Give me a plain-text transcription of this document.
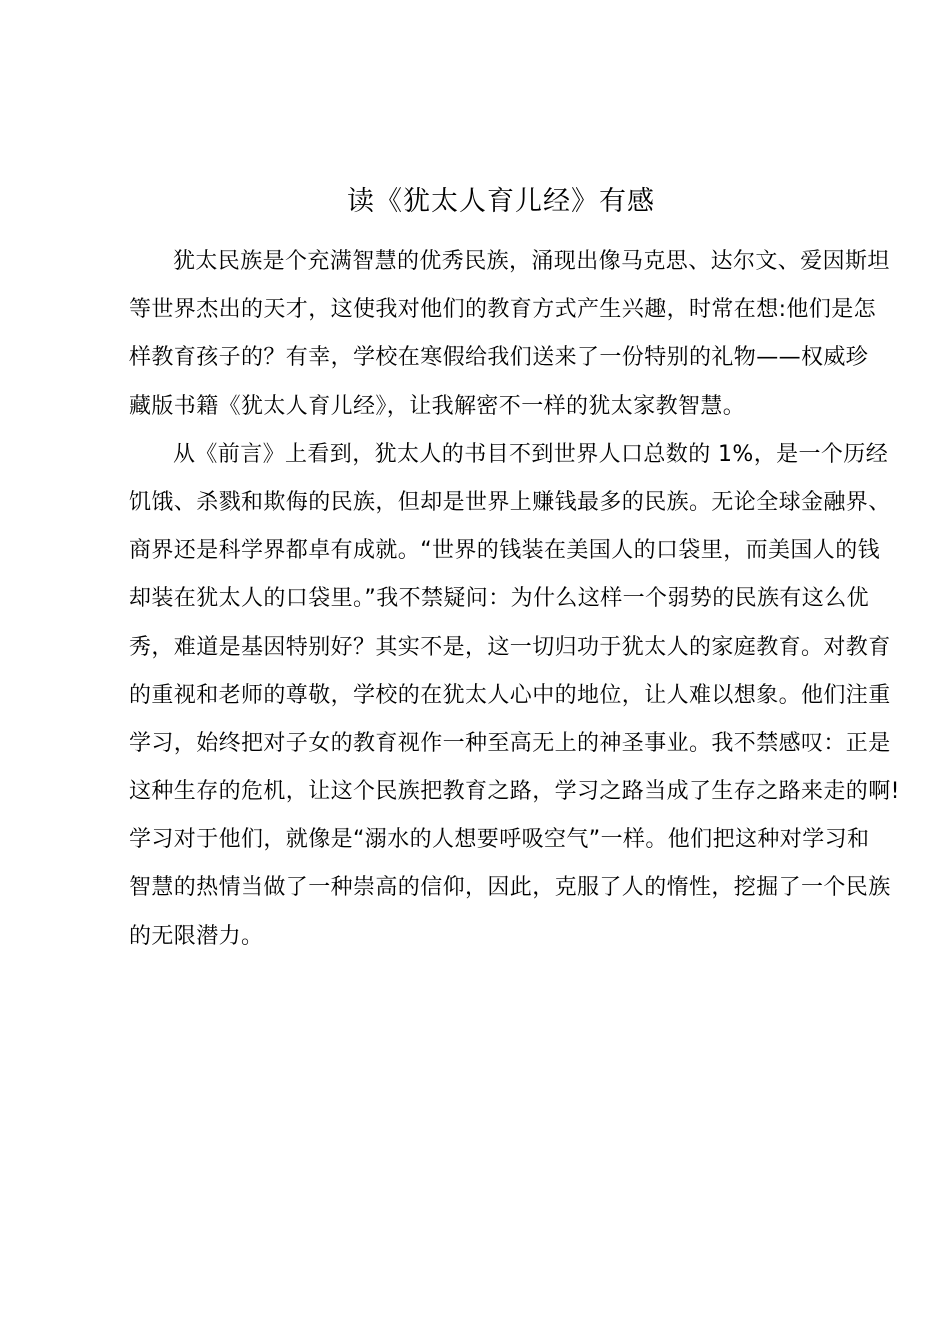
读《犹太人育儿经》有感
犹太民族是个充满智慧的优秀民族，涌现出像马克思、达尔文、爱因斯坦
等世界杰出的天才，这使我对他们的教育方式产生兴趣，时常在想:他们是怎
样教育孩子的？有幸，学校在寒假给我们送来了一份特别的礼物——权威珍
藏版书籍《犹太人育儿经》，让我解密不一样的犹太家教智慧。
从《前言》上看到，犹太人的书目不到世界人口总数的 1%，是一个历经
饥饿、杀戮和欺侮的民族，但却是世界上赚钱最多的民族。无论全球金融界、
商界还是科学界都卓有成就。“世界的钱装在美国人的口袋里，而美国人的钱
却装在犹太人的口袋里。”我不禁疑问：为什么这样一个弱势的民族有这么优
秀，难道是基因特别好？其实不是，这一切归功于犹太人的家庭教育。对教育
的重视和老师的尊敬，学校的在犹太人心中的地位，让人难以想象。他们注重
学习，始终把对子女的教育视作一种至高无上的神圣事业。我不禁感叹：正是
这种生存的危机，让这个民族把教育之路，学习之路当成了生存之路来走的啊!
学习对于他们，就像是“溺水的人想要呼吸空气”一样。他们把这种对学习和
智慧的热情当做了一种崇高的信仰，因此，克服了人的惰性，挖掘了一个民族
的无限潜力。
